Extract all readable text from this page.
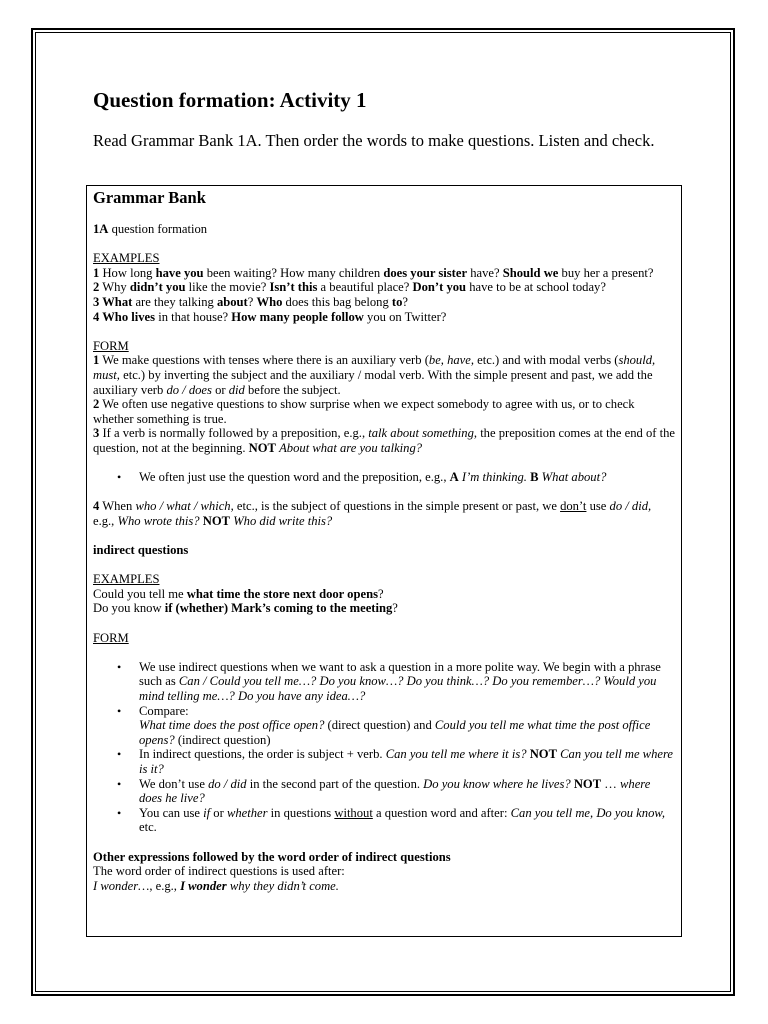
Question formation: Activity 1

Read Grammar Bank 1A. Then order the words to make questions. Listen and check.

Grammar Bank

1A question formation

EXAMPLES

1 How long have you been waiting? How many children does your sister have? Should we buy her a present?

2 Why didn’t you like the movie? Isn’t this a beautiful place? Don’t you have to be at school today?

3 What are they talking about? Who does this bag belong to?

4 Who lives in that house? How many people follow you on Twitter?

FORM

1 We make questions with tenses where there is an auxiliary verb (be, have, etc.) and with modal verbs (should, must, etc.) by inverting the subject and the auxiliary / modal verb. With the simple present and past, we add the auxiliary verb do / does or did before the subject.

2 We often use negative questions to show surprise when we expect somebody to agree with us, or to check whether something is true.

3 If a verb is normally followed by a preposition, e.g., talk about something, the preposition comes at the end of the question, not at the beginning. NOT About what are you talking?

• We often just use the question word and the preposition, e.g., A I’m thinking. B What about?

4 When who / what / which, etc., is the subject of questions in the simple present or past, we don’t use do / did, e.g., Who wrote this? NOT Who did write this?

indirect questions

EXAMPLES

Could you tell me what time the store next door opens?

Do you know if (whether) Mark’s coming to the meeting?

FORM

• We use indirect questions when we want to ask a question in a more polite way. We begin with a phrase such as Can / Could you tell me…? Do you know…? Do you think…? Do you remember…? Would you mind telling me…? Do you have any idea…?
• Compare:
What time does the post office open? (direct question) and Could you tell me what time the post office opens? (indirect question)
• In indirect questions, the order is subject + verb. Can you tell me where it is? NOT Can you tell me where is it?
• We don’t use do / did in the second part of the question. Do you know where he lives? NOT … where does he live?
• You can use if or whether in questions without a question word and after: Can you tell me, Do you know, etc.

Other expressions followed by the word order of indirect questions

The word order of indirect questions is used after:

I wonder…, e.g., I wonder why they didn’t come.
